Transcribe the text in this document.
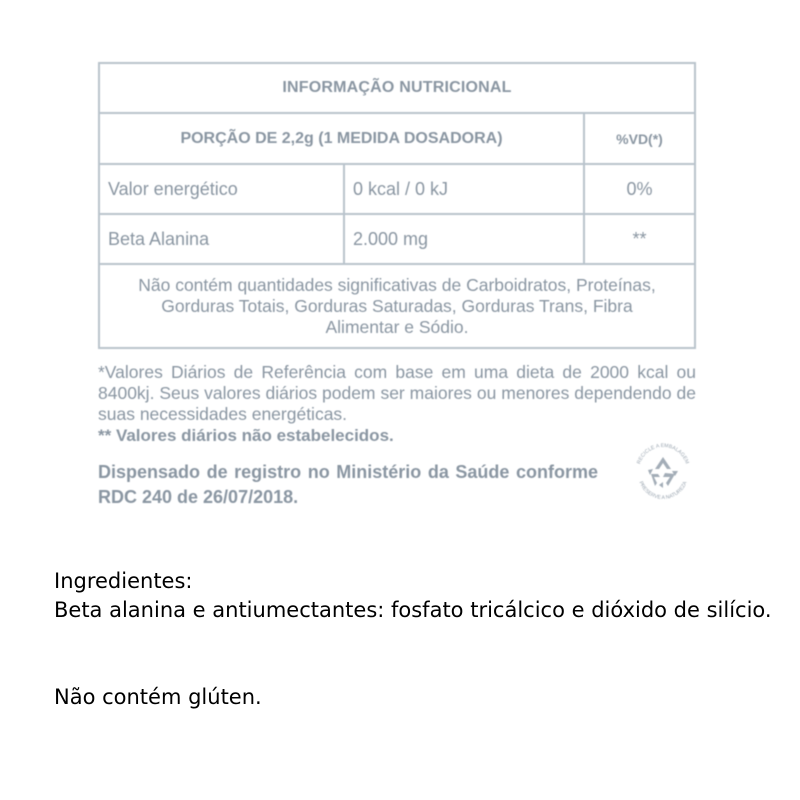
INFORMAÇÃO NUTRICIONAL
PORÇÃO DE 2,2g (1 MEDIDA DOSADORA)	%VD(*)
Valor energético	0 kcal / 0 kJ	0%
Beta Alanina	2.000 mg	**
Não contém quantidades significativas de Carboidratos, Proteínas, Gorduras Totais, Gorduras Saturadas, Gorduras Trans, Fibra Alimentar e Sódio.

*Valores Diários de Referência com base em uma dieta de 2000 kcal ou 8400kj. Seus valores diários podem ser maiores ou menores dependendo de suas necessidades energéticas.

** Valores diários não estabelecidos.

Dispensado de registro no Ministério da Saúde conforme RDC 240 de 26/07/2018.

RECICLE A EMBALAGEM
PRESERVE A NATUREZA

Ingredientes:

Beta alanina e antiumectantes: fosfato tricálcico e dióxido de silício.

Não contém glúten.
